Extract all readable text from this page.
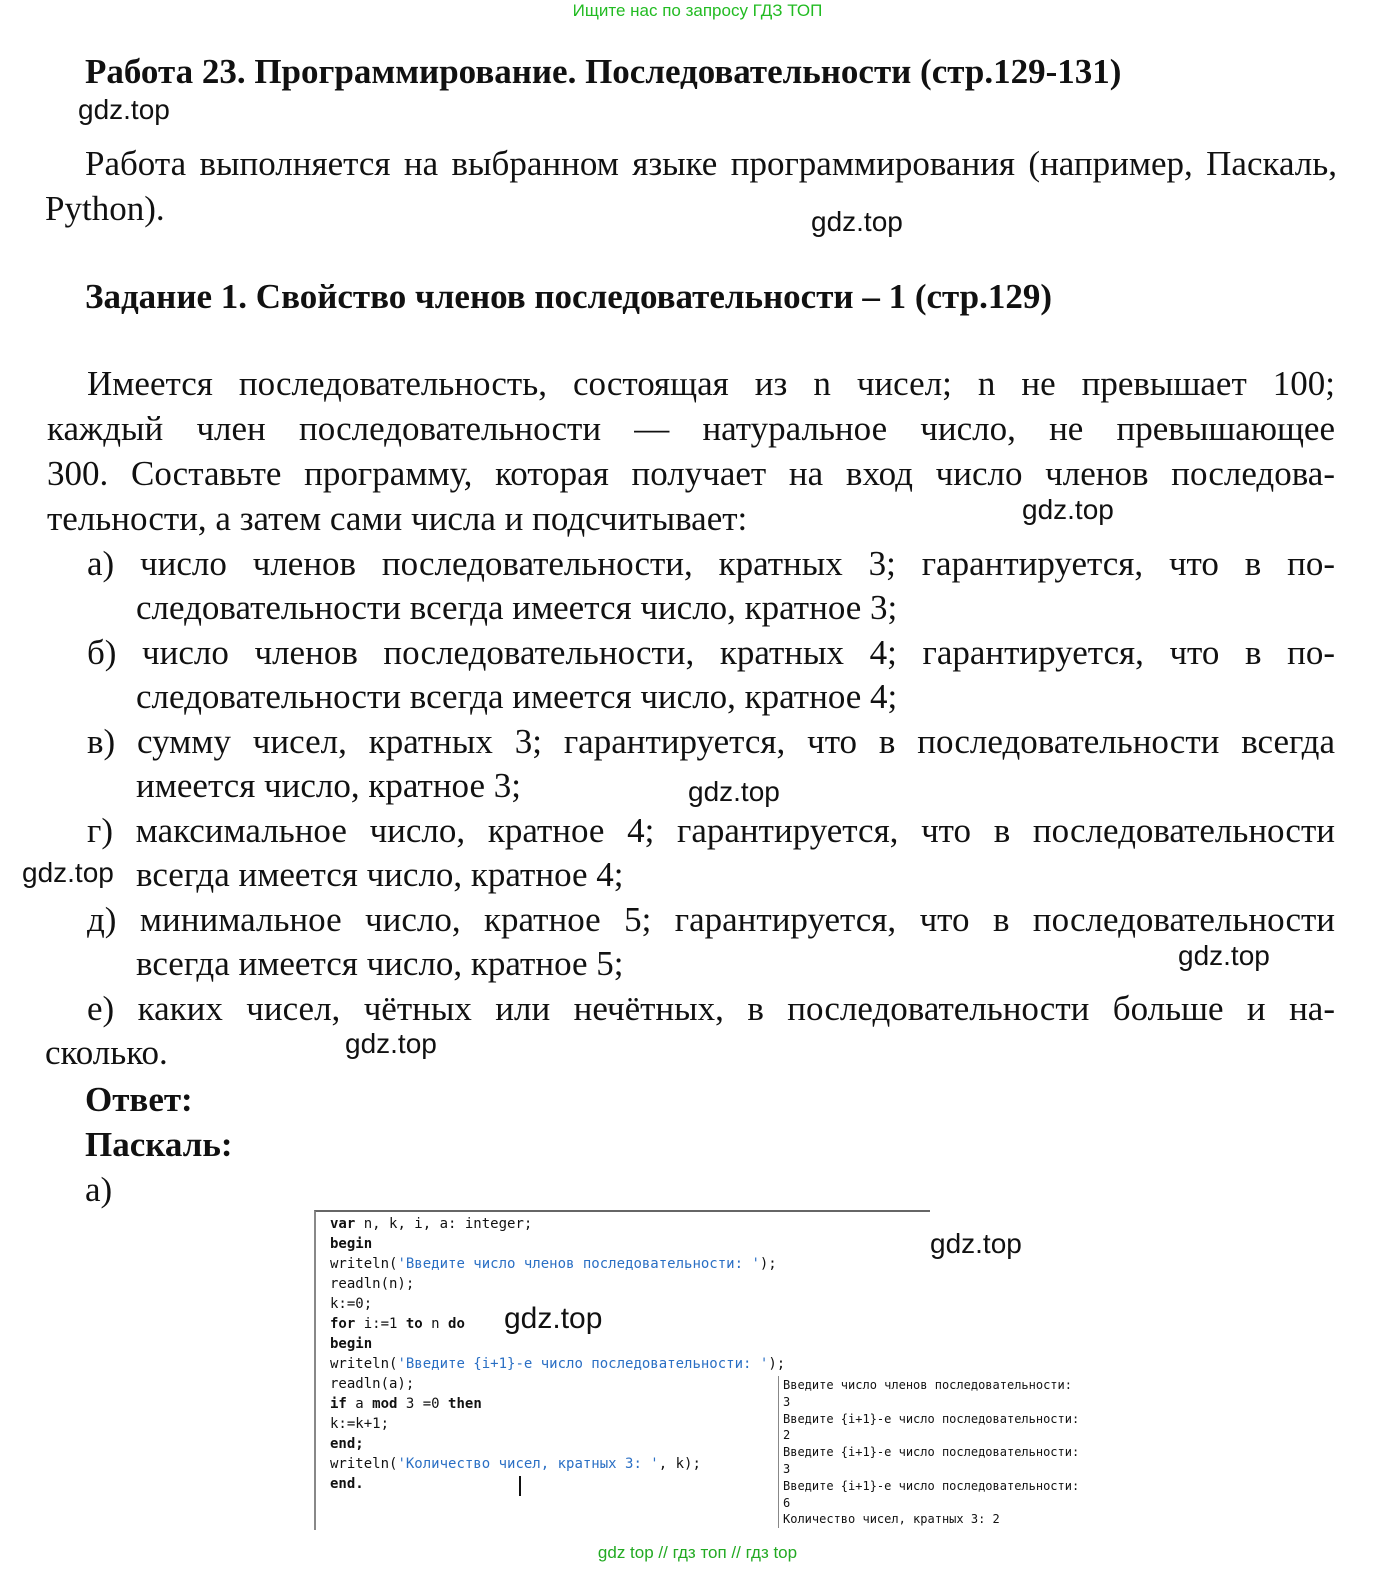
Ищите нас по запросу ГДЗ ТОП
Работа 23. Программирование. Последовательности (стр.129-131)
gdz.top
Работа выполняется на выбранном языке программирования (например, Паскаль, Python).	gdz.top
Задание 1. Свойство членов последовательности – 1 (стр.129)
Имеется последовательность, состоящая из n чисел; n не превышает 100;
каждый член последовательности — натуральное число, не превышающее
300. Составьте программу, которая получает на вход число членов последова-
тельности, а затем сами числа и подсчитывает:	gdz.top
а) число членов последовательности, кратных 3; гарантируется, что в по-
следовательности всегда имеется число, кратное 3;
б) число членов последовательности, кратных 4; гарантируется, что в по-
следовательности всегда имеется число, кратное 4;
в) сумму чисел, кратных 3; гарантируется, что в последовательности всегда
имеется число, кратное 3;	gdz.top
г) максимальное число, кратное 4; гарантируется, что в последовательности
gdz.top всегда имеется число, кратное 4;
д) минимальное число, кратное 5; гарантируется, что в последовательности
всегда имеется число, кратное 5;	gdz.top
е) каких чисел, чётных или нечётных, в последовательности больше и на-
сколько.	gdz.top
Ответ:
Паскаль:
а)
var n, k, i, a: integer;
begin
writeln('Введите число членов последовательности: ');
readln(n);
k:=0;
for i:=1 to n do
begin
writeln('Введите {i+1}-е число последовательности: ');
readln(a);
if a mod 3 =0 then
k:=k+1;
end;
writeln('Количество чисел, кратных 3: ', k);
end.
gdz.top
gdz.top
Введите число членов последовательности:
3
Введите {i+1}-е число последовательности:
2
Введите {i+1}-е число последовательности:
3
Введите {i+1}-е число последовательности:
6
Количество чисел, кратных 3: 2
gdz top // гдз топ // гдз top
